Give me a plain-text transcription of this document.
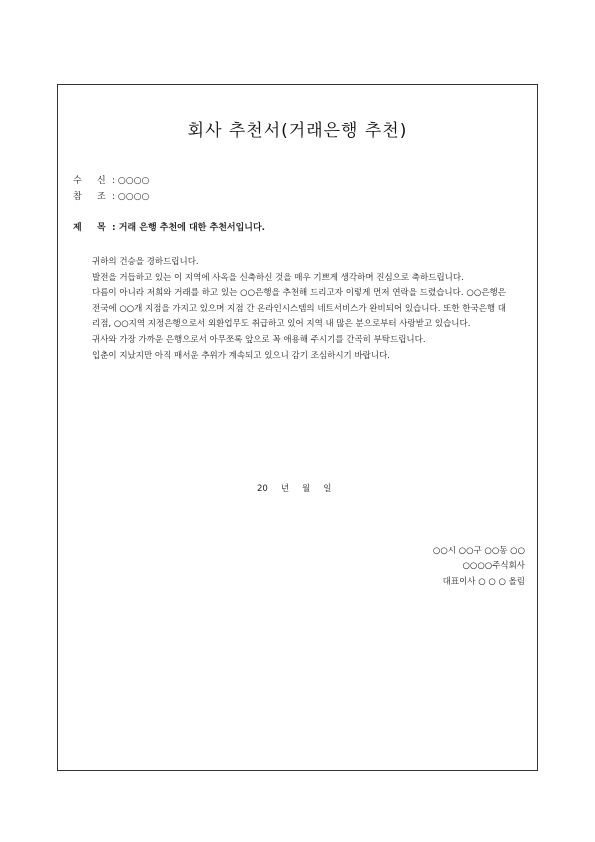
회사 추천서(거래은행 추천)
수 신 : ○○○○
참 조 : ○○○○
제 목 : 거래 은행 추천에 대한 추천서입니다.

귀하의 건승을 경하드립니다.

발전을 거듭하고 있는 이 지역에 사옥을 신축하신 것을 매우 기쁘게 생각하며 진심으로 축하드립니다.

다름이 아니라 저희와 거래를 하고 있는 ○○은행을 추천해 드리고자 이렇게 먼저 연락을 드렸습니다. ○○은행은 전국에 ○○개 지점을 가지고 있으며 지점 간 온라인시스템의 네트서비스가 완비되어 있습니다. 또한 한국은행 대리점, ○○지역 지정은행으로서 외환업무도 취급하고 있어 지역 내 많은 분으로부터 사랑받고 있습니다.

귀사와 가장 가까운 은행으로서 아무쪼록 앞으로 꼭 애용해 주시기를 간곡히 부탁드립니다.

입춘이 지났지만 아직 매서운 추위가 계속되고 있으니 감기 조심하시기 바랍니다.

20 년 월 일
○○시 ○○구 ○○동 ○○
○○○○주식회사
대표이사 ○ ○ ○ 올림
